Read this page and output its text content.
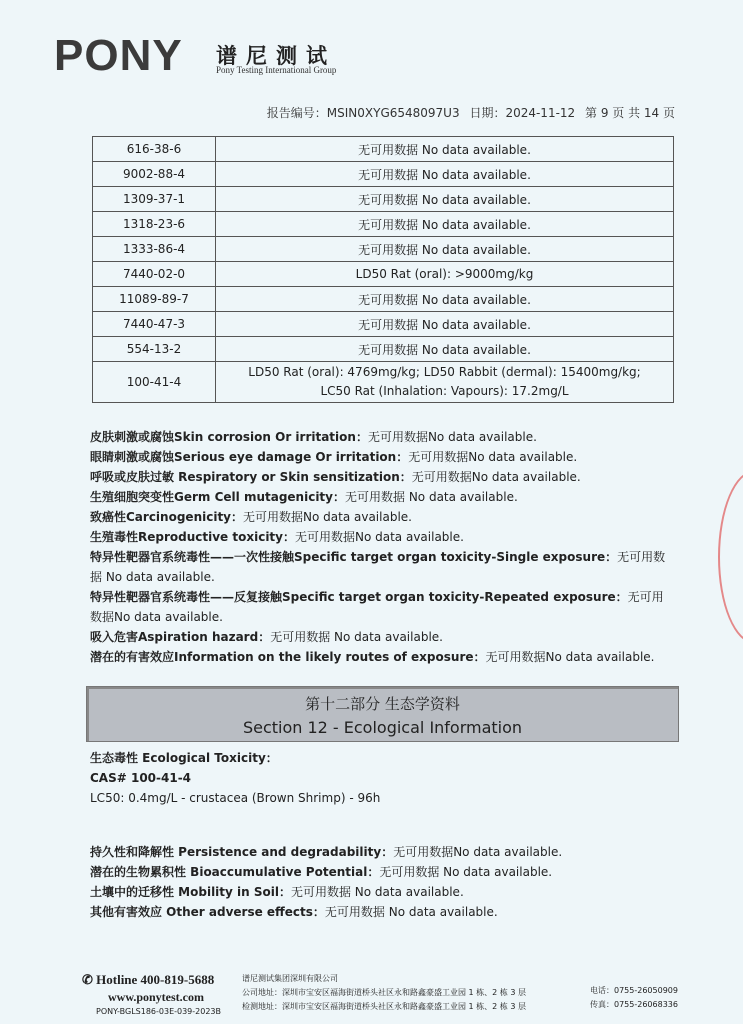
PONY 谱尼测试
Pony Testing International Group
报告编号：MSIN0XYG6548097U3 日期：2024-11-12 第 9 页 共 14 页
616-38-6	无可用数据 No data available.
9002-88-4	无可用数据 No data available.
1309-37-1	无可用数据 No data available.
1318-23-6	无可用数据 No data available.
1333-86-4	无可用数据 No data available.
7440-02-0	LD50 Rat (oral): >9000mg/kg
11089-89-7	无可用数据 No data available.
7440-47-3	无可用数据 No data available.
554-13-2	无可用数据 No data available.
100-41-4	LD50 Rat (oral): 4769mg/kg; LD50 Rabbit (dermal): 15400mg/kg;
LC50 Rat (Inhalation: Vapours): 17.2mg/L
皮肤刺激或腐蚀Skin corrosion Or irritation：无可用数据No data available.
眼睛刺激或腐蚀Serious eye damage Or irritation：无可用数据No data available.
呼吸或皮肤过敏 Respiratory or Skin sensitization：无可用数据No data available.
生殖细胞突变性Germ Cell mutagenicity：无可用数据 No data available.
致癌性Carcinogenicity：无可用数据No data available.
生殖毒性Reproductive toxicity：无可用数据No data available.
特异性靶器官系统毒性——一次性接触Specific target organ toxicity-Single exposure：无可用数据 No data available.
特异性靶器官系统毒性——反复接触Specific target organ toxicity-Repeated exposure：无可用数据No data available.
吸入危害Aspiration hazard：无可用数据 No data available.
潜在的有害效应Information on the likely routes of exposure：无可用数据No data available.
第十二部分 生态学资料
Section 12 - Ecological Information
生态毒性 Ecological Toxicity：
CAS# 100-41-4
LC50: 0.4mg/L - crustacea (Brown Shrimp) - 96h
持久性和降解性 Persistence and degradability：无可用数据No data available.
潜在的生物累积性 Bioaccumulative Potential：无可用数据 No data available.
土壤中的迁移性 Mobility in Soil：无可用数据 No data available.
其他有害效应 Other adverse effects：无可用数据 No data available.
✆ Hotline 400-819-5688
www.ponytest.com
PONY-BGLS186-03E-039-2023B
谱尼测试集团深圳有限公司
公司地址：深圳市宝安区福海街道桥头社区永和路鑫豪盛工业园 1 栋、2 栋 3 层
检测地址：深圳市宝安区福海街道桥头社区永和路鑫豪盛工业园 1 栋、2 栋 3 层
电话：0755-26050909
传真：0755-26068336
